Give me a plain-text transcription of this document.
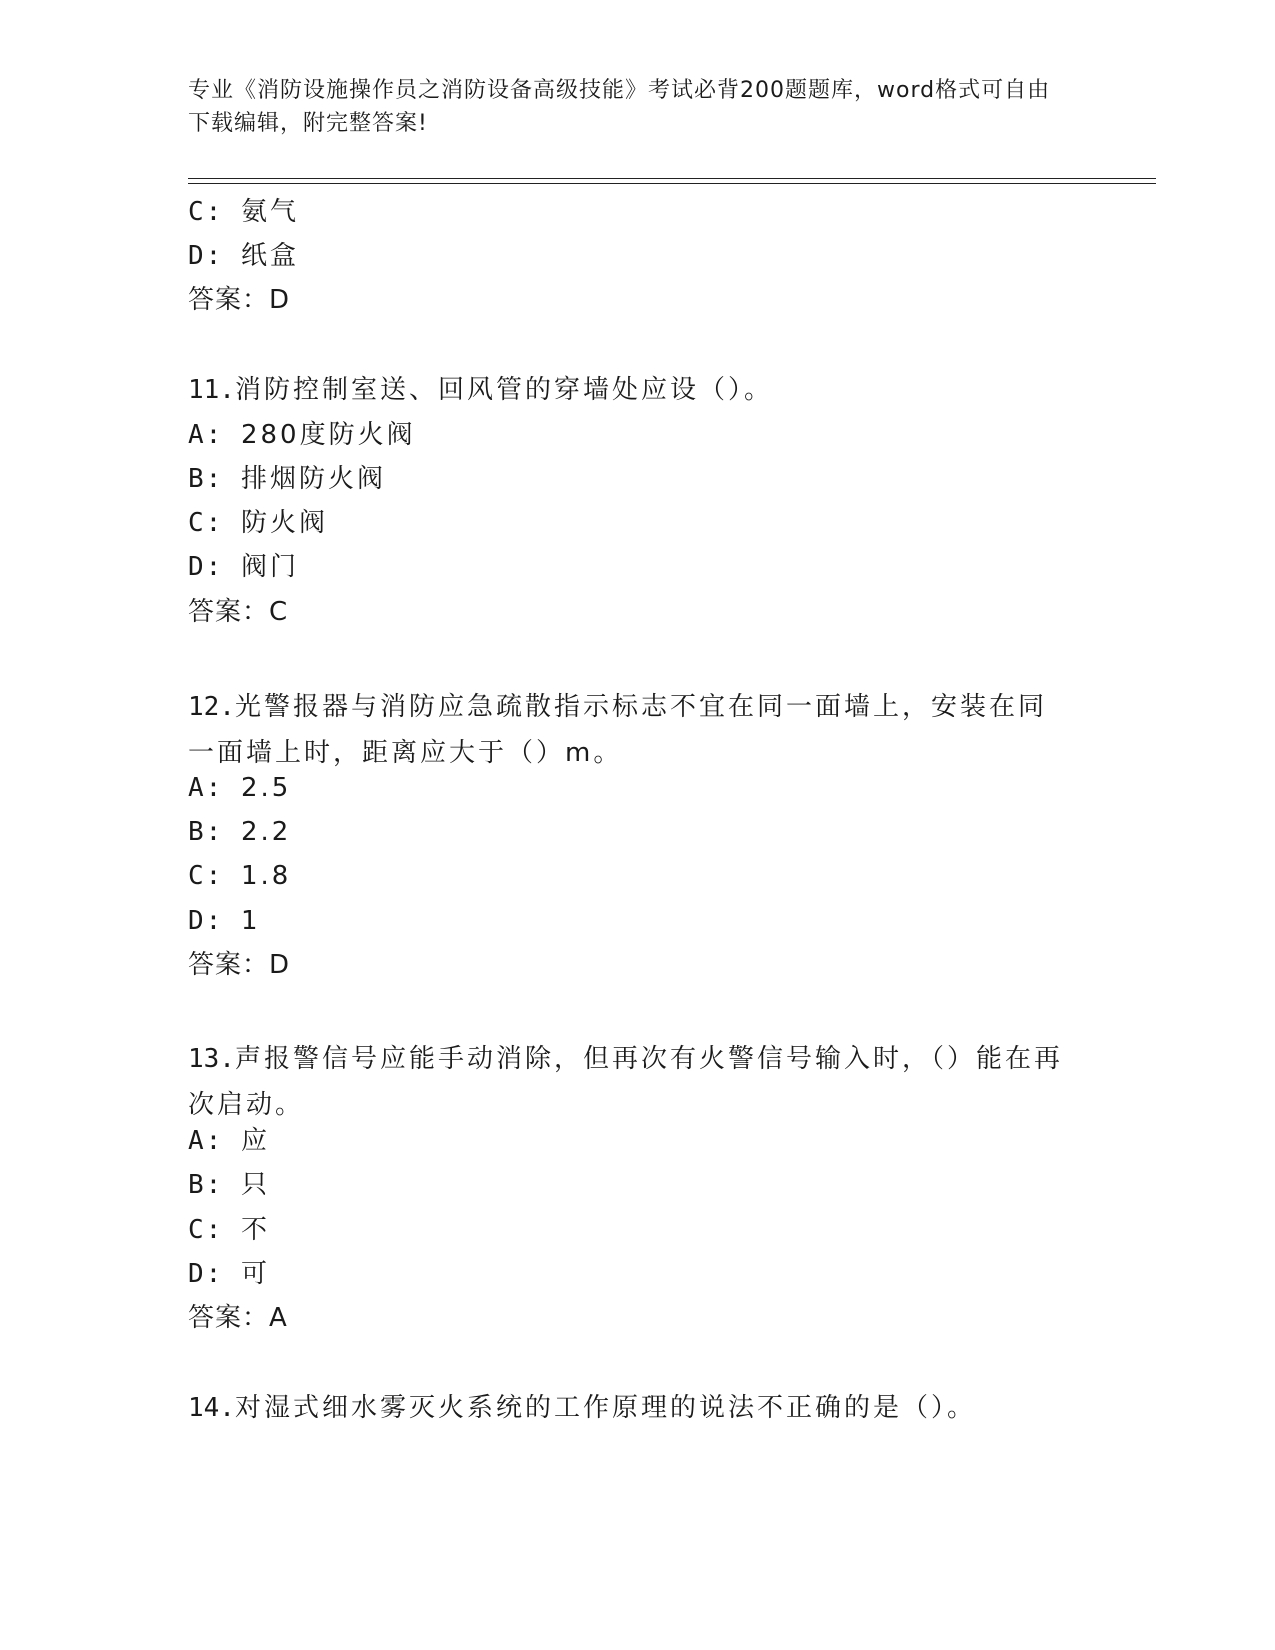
专业《消防设施操作员之消防设备高级技能》考试必背200题题库，word格式可自由下载编辑，附完整答案!
C: 氨气
D: 纸盒
答案：D
11.消防控制室送、回风管的穿墙处应设（）。
A: 280度防火阀
B: 排烟防火阀
C: 防火阀
D: 阀门
答案：C
12.光警报器与消防应急疏散指示标志不宜在同一面墙上，安装在同一面墙上时，距离应大于（）m。
A: 2.5
B: 2.2
C: 1.8
D: 1
答案：D
13.声报警信号应能手动消除，但再次有火警信号输入时，（）能在再次启动。
A: 应
B: 只
C: 不
D: 可
答案：A
14.对湿式细水雾灭火系统的工作原理的说法不正确的是（）。
